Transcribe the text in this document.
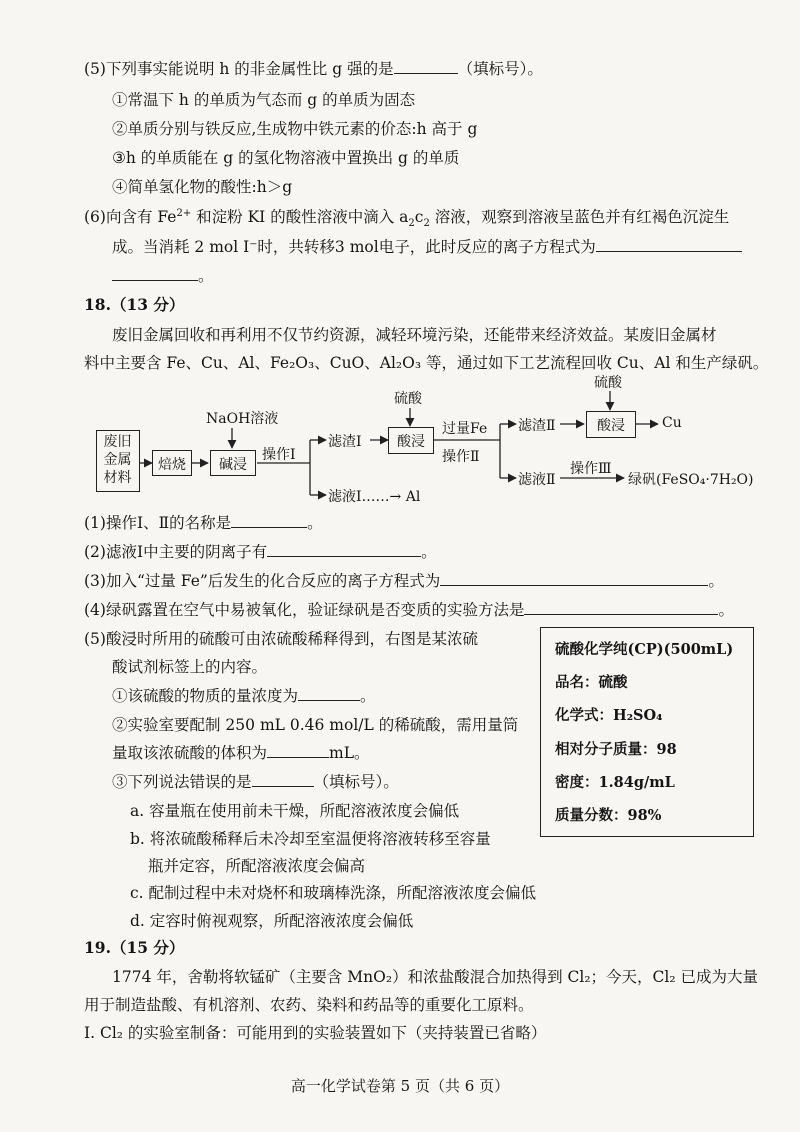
(5)下列事实能说明 h 的非金属性比 g 强的是	（填标号）。
①常温下 h 的单质为气态而 g 的单质为固态
②单质分别与铁反应,生成物中铁元素的价态:h 高于 g
③h 的单质能在 g 的氢化物溶液中置换出 g 的单质
④简单氢化物的酸性:h＞g
(6)向含有 $Fe^{2+}$ 和淀粉 KI 的酸性溶液中滴入 $a_2c_2$ 溶液，观察到溶液呈蓝色并有红褐色沉淀生
成。当消耗 2 mol I⁻时，共转移3 mol电子，此时反应的离子方程式为
。
18.（13 分）
废旧金属回收和再利用不仅节约资源，减轻环境污染，还能带来经济效益。某废旧金属材
料中主要含 Fe、Cu、Al、Fe₂O₃、CuO、Al₂O₃ 等，通过如下工艺流程回收 Cu、Al 和生产绿矾。
废旧
金属
材料
焙烧
NaOH溶液
碱浸
操作Ⅰ
滤渣Ⅰ
硫酸
酸浸
过量Fe
操作Ⅱ
滤液Ⅰ……→ Al
滤渣Ⅱ
硫酸
酸浸	Cu
滤液Ⅱ
操作Ⅲ
绿矾(FeSO₄·7H₂O)
(1)操作Ⅰ、Ⅱ的名称是	。
(2)滤液Ⅰ中主要的阴离子有	。
(3)加入“过量 Fe”后发生的化合反应的离子方程式为	。
(4)绿矾露置在空气中易被氧化，验证绿矾是否变质的实验方法是	。
(5)酸浸时所用的硫酸可由浓硫酸稀释得到，右图是某浓硫
酸试剂标签上的内容。
①该硫酸的物质的量浓度为	。
②实验室要配制 250 mL 0.46 mol/L 的稀硫酸，需用量筒
量取该浓硫酸的体积为	mL。
③下列说法错误的是	（填标号）。
a. 容量瓶在使用前未干燥，所配溶液浓度会偏低
b. 将浓硫酸稀释后未冷却至室温便将溶液转移至容量
瓶并定容，所配溶液浓度会偏高
c. 配制过程中未对烧杯和玻璃棒洗涤，所配溶液浓度会偏低
d. 定容时俯视观察，所配溶液浓度会偏低
硫酸化学纯(CP)(500mL)
品名：硫酸
化学式：H₂SO₄
相对分子质量：98
密度：1.84g/mL
质量分数：98%
19.（15 分）
1774 年，舍勒将软锰矿（主要含 MnO₂）和浓盐酸混合加热得到 Cl₂；今天，Cl₂ 已成为大量
用于制造盐酸、有机溶剂、农药、染料和药品等的重要化工原料。
Ⅰ. Cl₂ 的实验室制备：可能用到的实验装置如下（夹持装置已省略）
高一化学试卷第 5 页（共 6 页）
